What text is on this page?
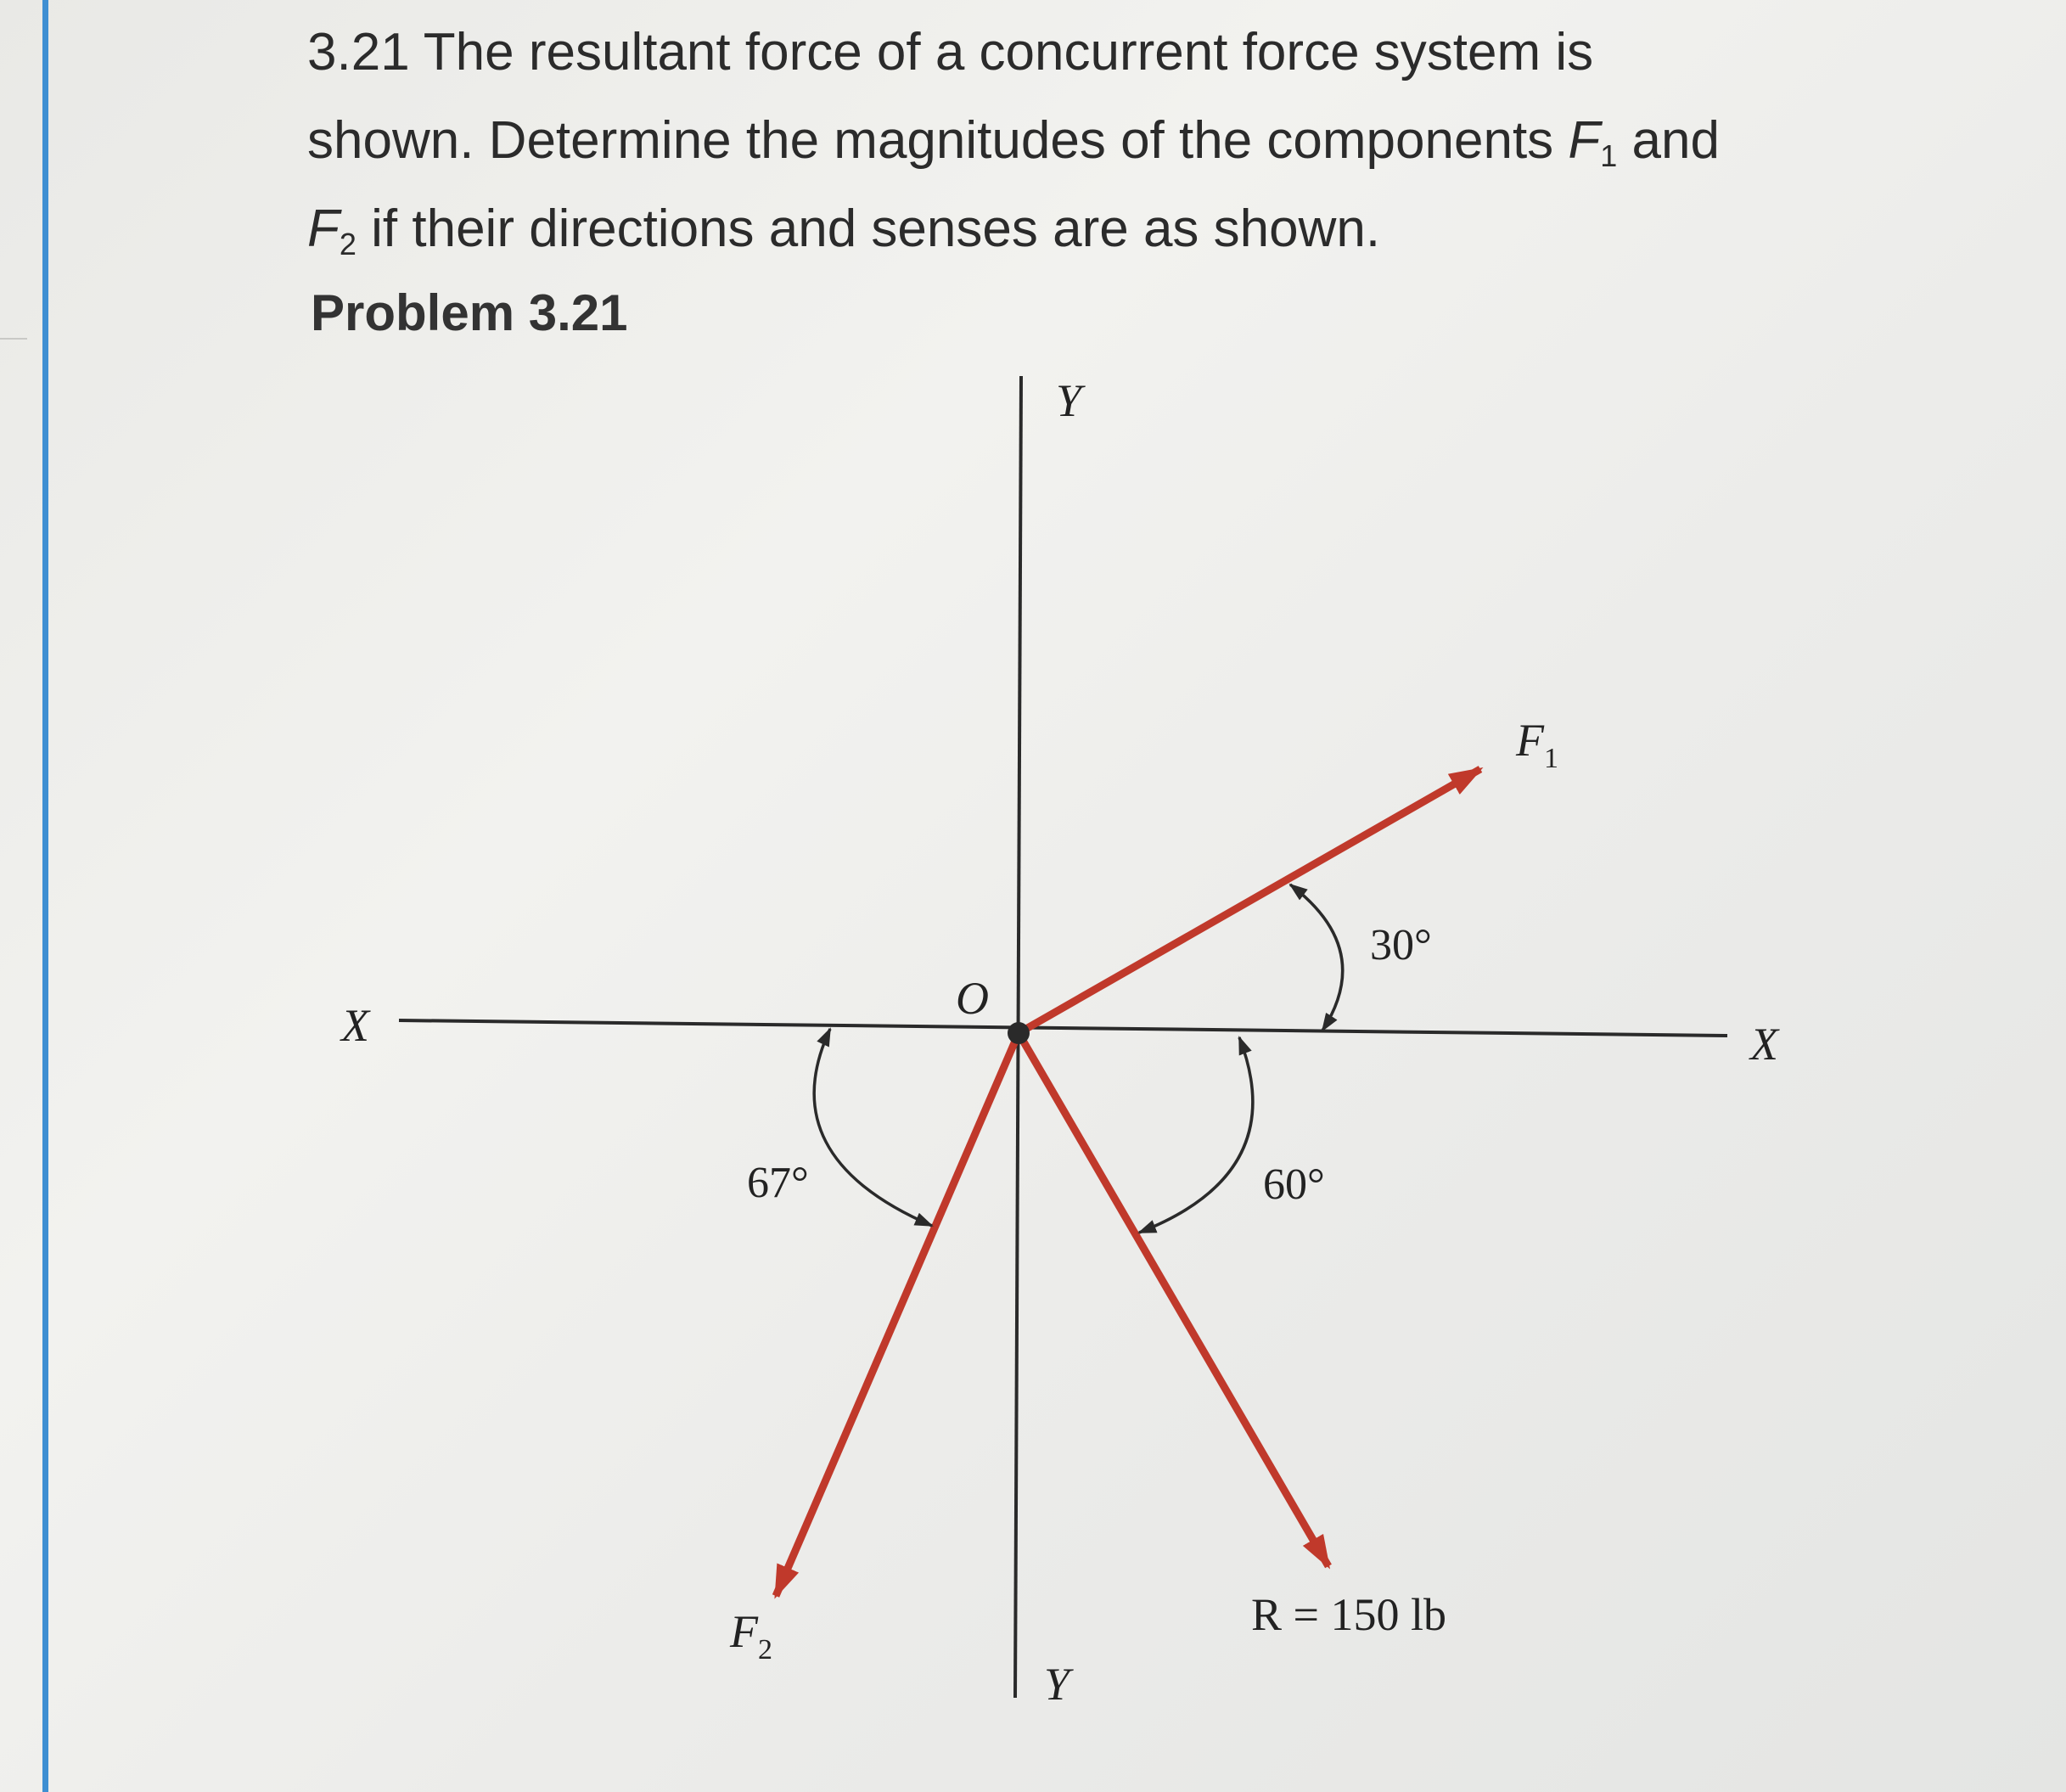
3.21 The resultant force of a concurrent force system is
shown. Determine the magnitudes of the components $F_1$ and
$F_2$ if their directions and senses are as shown.
Problem 3.21
Y
Y
X	X
O
$F_1$
$F_2$
R = 150 lb
30°
60°
67°
